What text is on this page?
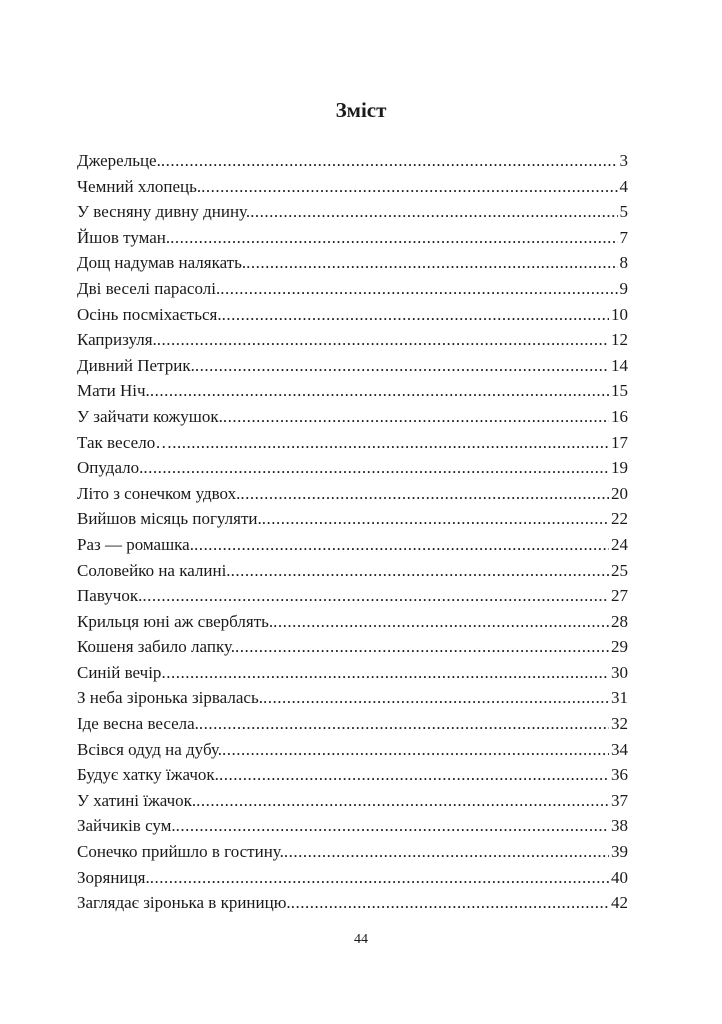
Зміст
Джерельце. .....	3
Чемний хлопець. .....	4
У весняну дивну днину. .....	5
Йшов туман. .....	7
Дощ надумав налякать. .....	8
Дві веселі парасолі. .....	9
Осінь посміхається. .....	10
Капризуля. .....	12
Дивний Петрик. .....	14
Мати Ніч. .....	15
У зайчати кожушок. .....	16
Так весело… .....	17
Опудало. .....	19
Літо з сонечком удвох. .....	20
Вийшов місяць погуляти. .....	22
Раз — ромашка. .....	24
Соловейко на калині. .....	25
Павучок. .....	27
Крильця юні аж сверблять. .....	28
Кошеня забило лапку. .....	29
Синій вечір .....	30
З неба зіронька зірвалась. .....	31
Іде весна весела. .....	32
Всівся одуд на дубу. .....	34
Будує хатку їжачок. .....	36
У хатині їжачок. .....	37
Зайчиків сум. .....	38
Сонечко прийшло в гостину. .....	39
Зоряниця. .....	40
Заглядає зіронька в криницю. .....	42
44
